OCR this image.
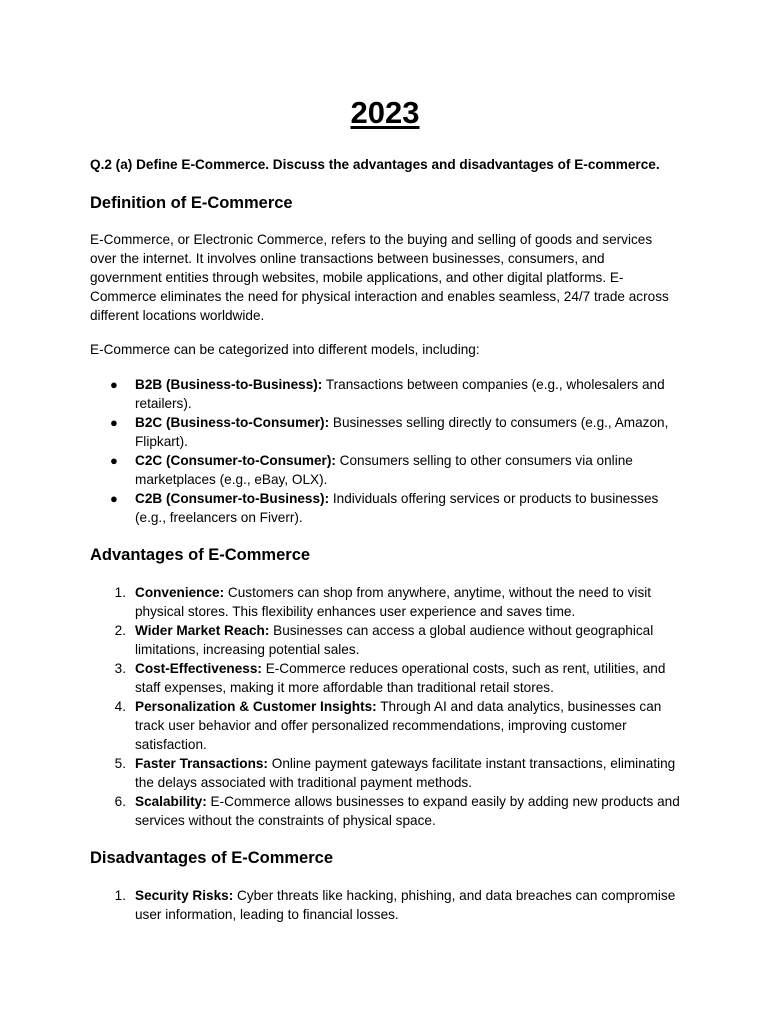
2023

Q.2 (a) Define E-Commerce. Discuss the advantages and disadvantages of E-commerce.

Definition of E-Commerce

E-Commerce, or Electronic Commerce, refers to the buying and selling of goods and services over the internet. It involves online transactions between businesses, consumers, and government entities through websites, mobile applications, and other digital platforms. E-Commerce eliminates the need for physical interaction and enables seamless, 24/7 trade across different locations worldwide.

E-Commerce can be categorized into different models, including:

● B2B (Business-to-Business): Transactions between companies (e.g., wholesalers and retailers).
● B2C (Business-to-Consumer): Businesses selling directly to consumers (e.g., Amazon, Flipkart).
● C2C (Consumer-to-Consumer): Consumers selling to other consumers via online marketplaces (e.g., eBay, OLX).
● C2B (Consumer-to-Business): Individuals offering services or products to businesses (e.g., freelancers on Fiverr).
Advantages of E-Commerce
1. Convenience: Customers can shop from anywhere, anytime, without the need to visit physical stores. This flexibility enhances user experience and saves time.
2. Wider Market Reach: Businesses can access a global audience without geographical limitations, increasing potential sales.
3. Cost-Effectiveness: E-Commerce reduces operational costs, such as rent, utilities, and staff expenses, making it more affordable than traditional retail stores.
4. Personalization & Customer Insights: Through AI and data analytics, businesses can track user behavior and offer personalized recommendations, improving customer satisfaction.
5. Faster Transactions: Online payment gateways facilitate instant transactions, eliminating the delays associated with traditional payment methods.
6. Scalability: E-Commerce allows businesses to expand easily by adding new products and services without the constraints of physical space.
Disadvantages of E-Commerce
1. Security Risks: Cyber threats like hacking, phishing, and data breaches can compromise user information, leading to financial losses.
